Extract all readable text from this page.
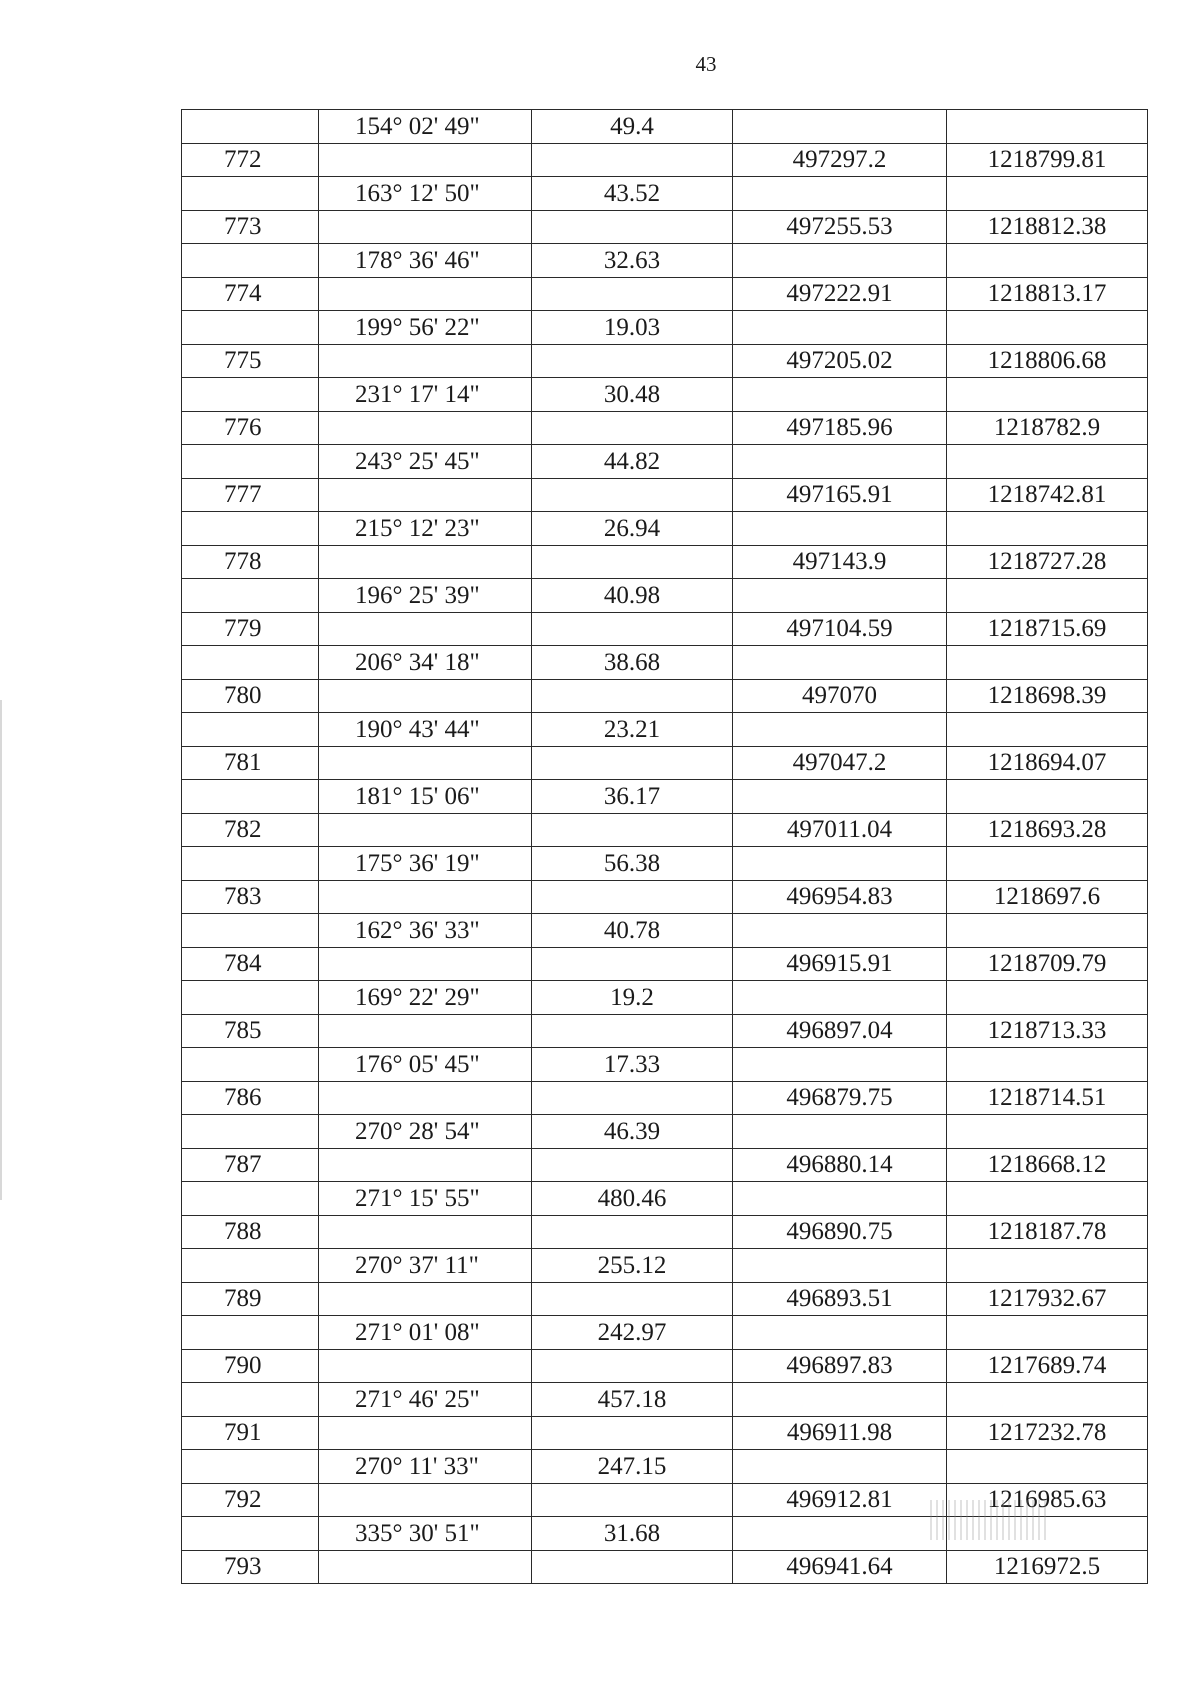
43
	154° 02' 49"	49.4		
772			497297.2	1218799.81
	163° 12' 50"	43.52		
773			497255.53	1218812.38
	178° 36' 46"	32.63		
774			497222.91	1218813.17
	199° 56' 22"	19.03		
775			497205.02	1218806.68
	231° 17' 14"	30.48		
776			497185.96	1218782.9
	243° 25' 45"	44.82		
777			497165.91	1218742.81
	215° 12' 23"	26.94		
778			497143.9	1218727.28
	196° 25' 39"	40.98		
779			497104.59	1218715.69
	206° 34' 18"	38.68		
780			497070	1218698.39
	190° 43' 44"	23.21		
781			497047.2	1218694.07
	181° 15' 06"	36.17		
782			497011.04	1218693.28
	175° 36' 19"	56.38		
783			496954.83	1218697.6
	162° 36' 33"	40.78		
784			496915.91	1218709.79
	169° 22' 29"	19.2		
785			496897.04	1218713.33
	176° 05' 45"	17.33		
786			496879.75	1218714.51
	270° 28' 54"	46.39		
787			496880.14	1218668.12
	271° 15' 55"	480.46		
788			496890.75	1218187.78
	270° 37' 11"	255.12		
789			496893.51	1217932.67
	271° 01' 08"	242.97		
790			496897.83	1217689.74
	271° 46' 25"	457.18		
791			496911.98	1217232.78
	270° 11' 33"	247.15		
792			496912.81	1216985.63
	335° 30' 51"	31.68		
793			496941.64	1216972.5
